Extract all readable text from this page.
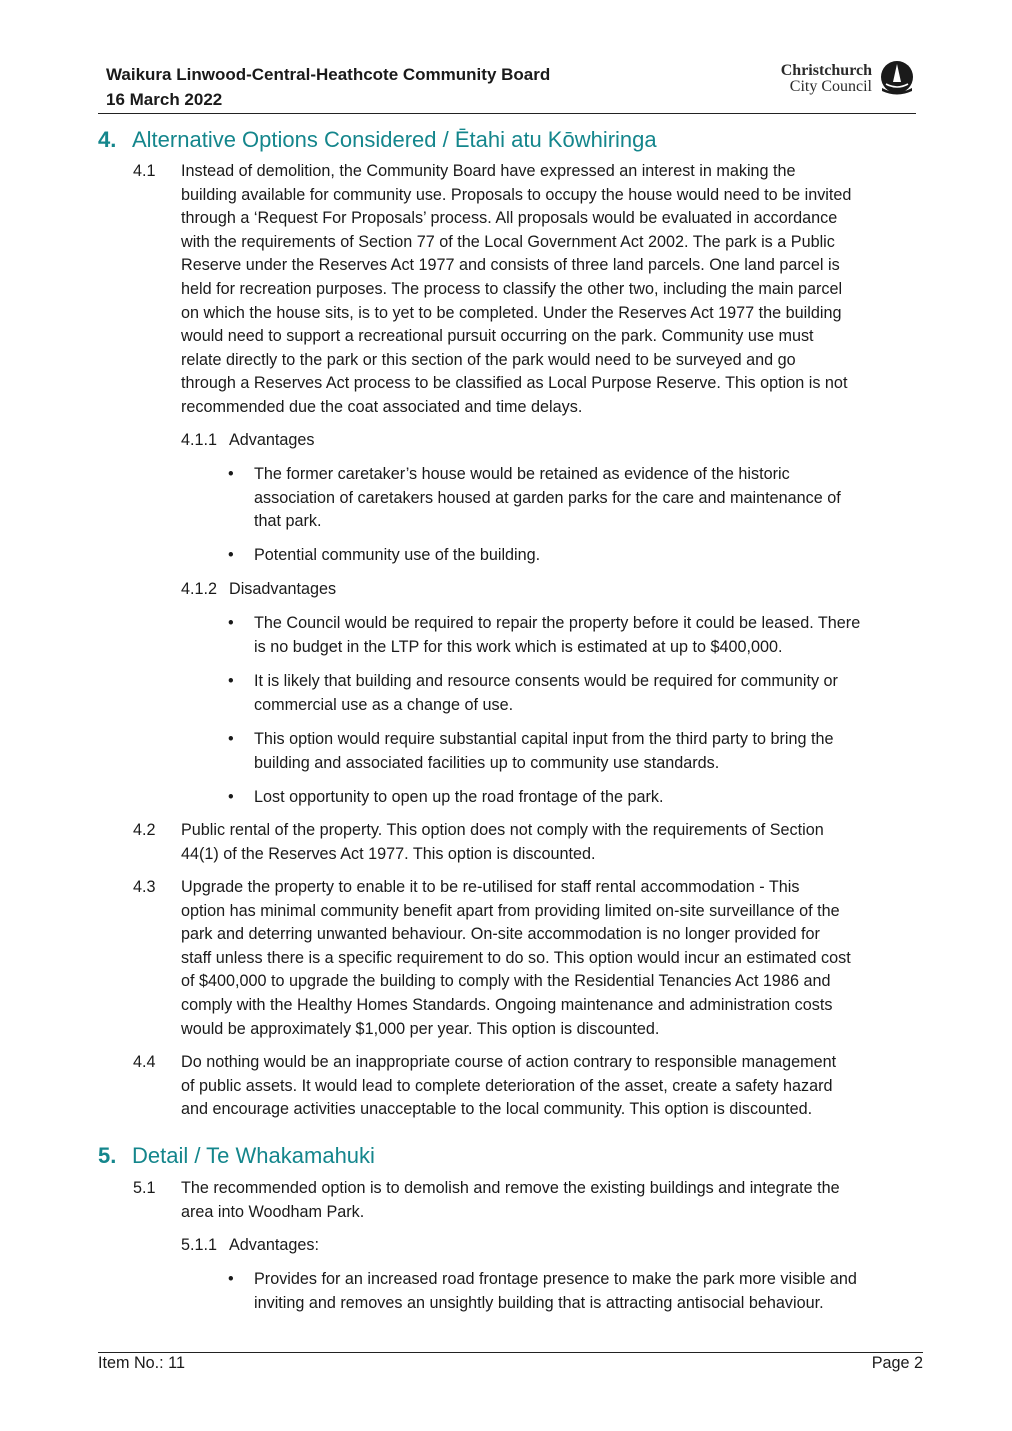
Waikura Linwood-Central-Heathcote Community Board
16 March 2022
Christchurch
City Council
4. Alternative Options Considered / Ētahi atu Kōwhiringa
4.1 Instead of demolition, the Community Board have expressed an interest in making the
building available for community use. Proposals to occupy the house would need to be invited
through a ‘Request For Proposals’ process. All proposals would be evaluated in accordance
with the requirements of Section 77 of the Local Government Act 2002. The park is a Public
Reserve under the Reserves Act 1977 and consists of three land parcels. One land parcel is
held for recreation purposes. The process to classify the other two, including the main parcel
on which the house sits, is to yet to be completed. Under the Reserves Act 1977 the building
would need to support a recreational pursuit occurring on the park. Community use must
relate directly to the park or this section of the park would need to be surveyed and go
through a Reserves Act process to be classified as Local Purpose Reserve. This option is not
recommended due the coat associated and time delays.
4.1.1 Advantages
• The former caretaker’s house would be retained as evidence of the historic
association of caretakers housed at garden parks for the care and maintenance of
that park.
• Potential community use of the building.
4.1.2 Disadvantages
• The Council would be required to repair the property before it could be leased. There
is no budget in the LTP for this work which is estimated at up to $400,000.
• It is likely that building and resource consents would be required for community or
commercial use as a change of use.
• This option would require substantial capital input from the third party to bring the
building and associated facilities up to community use standards.
• Lost opportunity to open up the road frontage of the park.
4.2 Public rental of the property. This option does not comply with the requirements of Section
44(1) of the Reserves Act 1977. This option is discounted.
4.3 Upgrade the property to enable it to be re-utilised for staff rental accommodation - This
option has minimal community benefit apart from providing limited on-site surveillance of the
park and deterring unwanted behaviour. On-site accommodation is no longer provided for
staff unless there is a specific requirement to do so. This option would incur an estimated cost
of $400,000 to upgrade the building to comply with the Residential Tenancies Act 1986 and
comply with the Healthy Homes Standards. Ongoing maintenance and administration costs
would be approximately $1,000 per year. This option is discounted.
4.4 Do nothing would be an inappropriate course of action contrary to responsible management
of public assets. It would lead to complete deterioration of the asset, create a safety hazard
and encourage activities unacceptable to the local community. This option is discounted.
5. Detail / Te Whakamahuki
5.1 The recommended option is to demolish and remove the existing buildings and integrate the
area into Woodham Park.
5.1.1 Advantages:
• Provides for an increased road frontage presence to make the park more visible and
inviting and removes an unsightly building that is attracting antisocial behaviour.
Item No.: 11	Page 2
